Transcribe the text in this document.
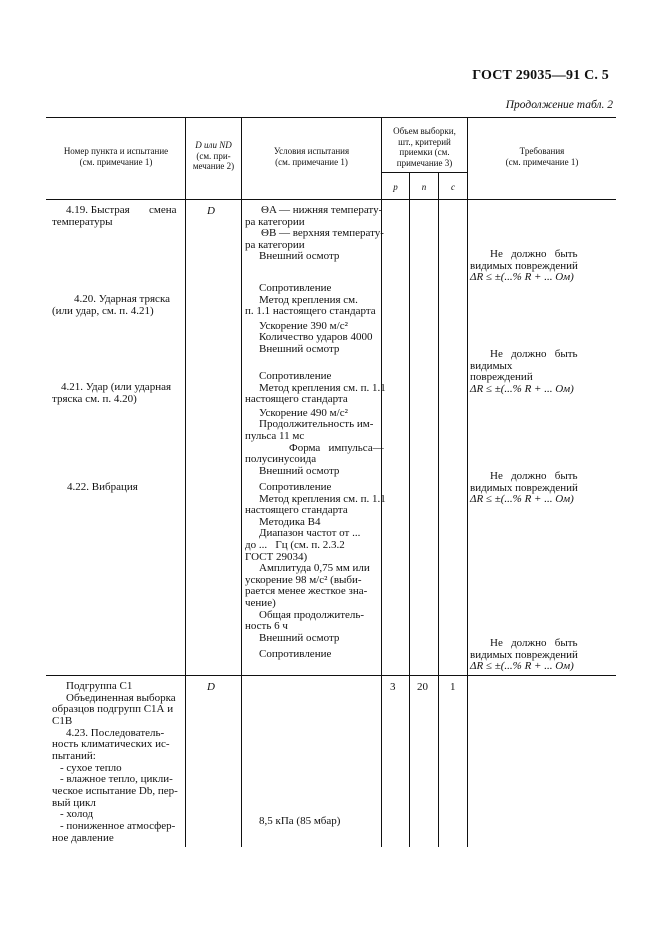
ГОСТ 29035—91 С. 5
Продолжение табл. 2
Номер пункта и испытание
(см. примечание 1)
D или ND
(см. при-
мечание 2)
Условия испытания
(см. примечание 1)
Объем выборки,
шт., критерий
приемки (см.
примечание 3)
p	n	c
Требования
(см. примечание 1)
4.19. Быстрая       смена
температуры
4.20. Ударная тряска
(или удар, см. п. 4.21)
4.21. Удар (или ударная
тряска см. п. 4.20)
4.22. Вибрация
Подгруппа С1
Объединенная выборка
образцов подгрупп С1А и
С1В
4.23. Последователь-
ность климатических ис-
пытаний:
- сухое тепло
- влажное тепло, цикли-
ческое испытание Db, пер-
вый цикл
- холод
- пониженное атмосфер-
ное давление
D
D
ΘA — нижняя температу-
ра категории
ΘB — верхняя температу-
ра категории
Внешний осмотр
Сопротивление
Метод крепления см.
п. 1.1 настоящего стандарта
Ускорение 390 м/с²
Количество ударов 4000
Внешний осмотр
Сопротивление
Метод крепления см. п. 1.1
настоящего стандарта
Ускорение 490 м/с²
Продолжительность им-
пульса 11 мс
Форма   импульса—
полусинусоида
Внешний осмотр
Сопротивление
Метод крепления см. п. 1.1
настоящего стандарта
Методика В4
Диапазон частот от ...
до ...   Гц (см. п. 2.3.2
ГОСТ 29034)
Амплитуда 0,75 мм или
ускорение 98 м/с² (выби-
рается менее жесткое зна-
чение)
Общая продолжитель-
ность 6 ч
Внешний осмотр
Сопротивление
8,5 кПа (85 мбар)
3 20 1
Не   должно   быть
видимых повреждений
ΔR ≤ ±(...% R + ... Ом)
Не   должно   быть
видимых
повреждений
ΔR ≤ ±(...% R + ... Ом)
Не   должно   быть
видимых повреждений
ΔR ≤ ±(...% R + ... Ом)
Не   должно   быть
видимых повреждений
ΔR ≤ ±(...% R + ... Ом)
